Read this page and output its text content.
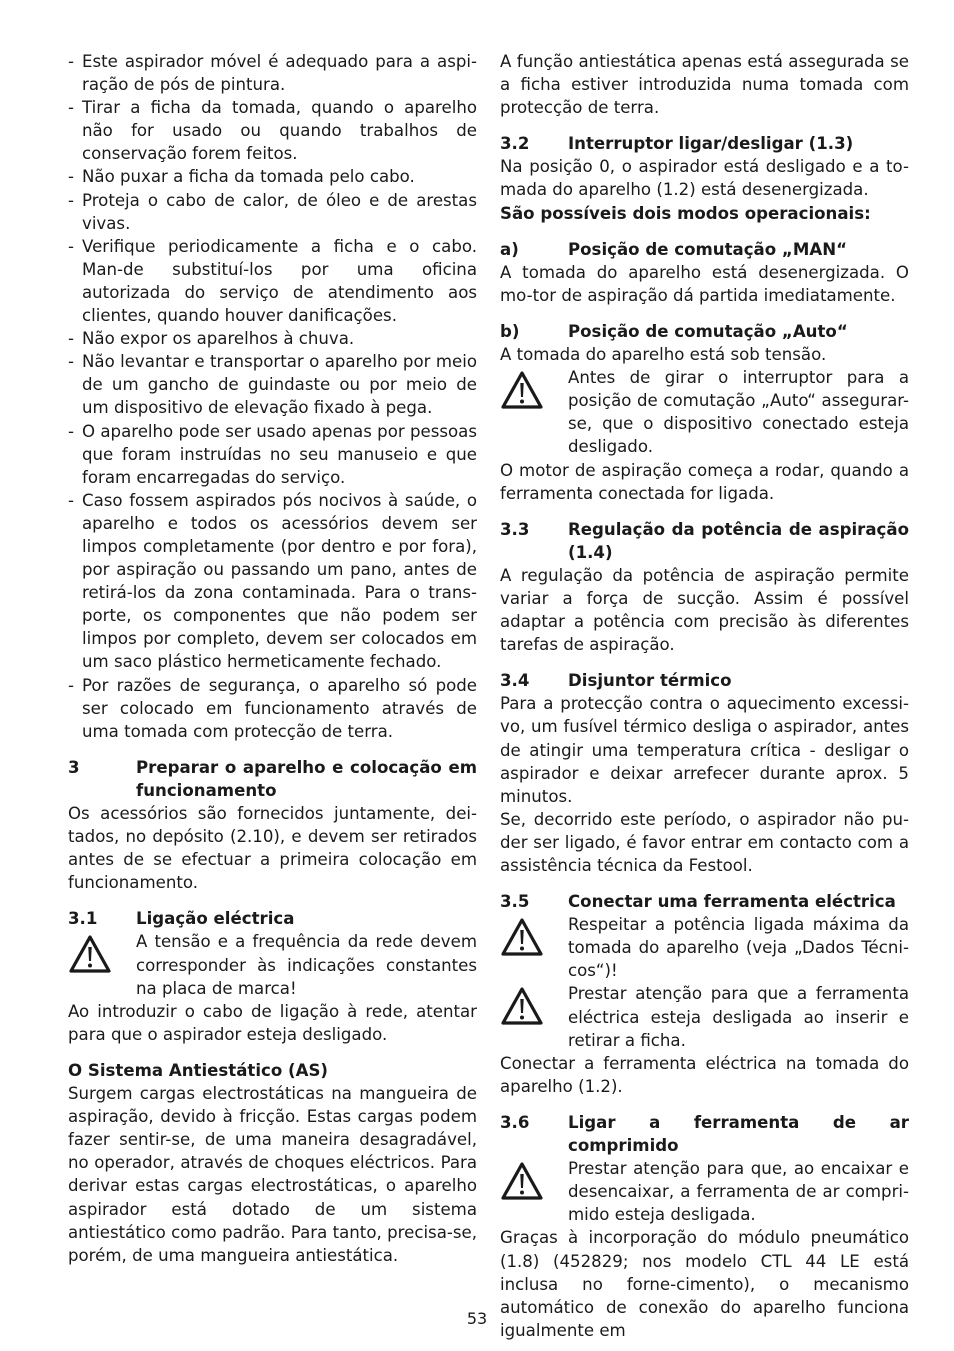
- Este aspirador móvel é adequado para a aspi-ração de pós de pintura.
- Tirar a ficha da tomada, quando o aparelho não for usado ou quando trabalhos de conservação forem feitos.
- Não puxar a ficha da tomada pelo cabo.
- Proteja o cabo de calor, de óleo e de arestas vivas.
- Verifique periodicamente a ficha e o cabo. Man-de substituí-los por uma oficina autorizada do serviço de atendimento aos clientes, quando houver danificações.
- Não expor os aparelhos à chuva.
- Não levantar e transportar o aparelho por meio de um gancho de guindaste ou por meio de um dispositivo de elevação fixado à pega.
- O aparelho pode ser usado apenas por pessoas que foram instruídas no seu manuseio e que foram encarregadas do serviço.
- Caso fossem aspirados pós nocivos à saúde, o aparelho e todos os acessórios devem ser limpos completamente (por dentro e por fora), por aspiração ou passando um pano, antes de retirá-los da zona contaminada. Para o trans-porte, os componentes que não podem ser limpos por completo, devem ser colocados em um saco plástico hermeticamente fechado.
- Por razões de segurança, o aparelho só pode ser colocado em funcionamento através de uma tomada com protecção de terra.
3	Preparar o aparelho e colocação em funcionamento

Os acessórios são fornecidos juntamente, dei-tados, no depósito (2.10), e devem ser retirados antes de se efectuar a primeira colocação em funcionamento.

3.1	Ligação eléctrica
A tensão e a frequência da rede devem corresponder às indicações constantes na placa de marca!

Ao introduzir o cabo de ligação à rede, atentar para que o aspirador esteja desligado.

O Sistema Antiestático (AS)

Surgem cargas electrostáticas na mangueira de aspiração, devido à fricção. Estas cargas podem fazer sentir-se, de uma maneira desagradável, no operador, através de choques eléctricos. Para derivar estas cargas electrostáticas, o aparelho aspirador está dotado de um sistema antiestático como padrão. Para tanto, precisa-se, porém, de uma mangueira antiestática.

A função antiestática apenas está assegurada se a ficha estiver introduzida numa tomada com protecção de terra.

3.2	Interruptor ligar/desligar (1.3)

Na posição 0, o aspirador está desligado e a to-mada do aparelho (1.2) está desenergizada.

São possíveis dois modos operacionais:
a)	Posição de comutação „MAN“

A tomada do aparelho está desenergizada. O mo-tor de aspiração dá partida imediatamente.

b)	Posição de comutação „Auto“

A tomada do aparelho está sob tensão.

Antes de girar o interruptor para a posição de comutação „Auto“ assegurar-se, que o dispositivo conectado esteja desligado.

O motor de aspiração começa a rodar, quando a ferramenta conectada for ligada.

3.3	Regulação da potência de aspiração (1.4)

A regulação da potência de aspiração permite variar a força de sucção. Assim é possível adaptar a potência com precisão às diferentes tarefas de aspiração.

3.4	Disjuntor térmico

Para a protecção contra o aquecimento excessi-vo, um fusível térmico desliga o aspirador, antes de atingir uma temperatura crítica - desligar o aspirador e deixar arrefecer durante aprox. 5 minutos.

Se, decorrido este período, o aspirador não pu-der ser ligado, é favor entrar em contacto com a assistência técnica da Festool.

3.5	Conectar uma ferramenta eléctrica
Respeitar a potência ligada máxima da tomada do aparelho (veja „Dados Técni-cos“)!
Prestar atenção para que a ferramenta eléctrica esteja desligada ao inserir e retirar a ficha.

Conectar a ferramenta eléctrica na tomada do aparelho (1.2).

3.6	Ligar a ferramenta de ar comprimido
Prestar atenção para que, ao encaixar e desencaixar, a ferramenta de ar compri-mido esteja desligada.

Graças à incorporação do módulo pneumático (1.8) (452829; nos modelo CTL 44 LE está inclusa no forne-cimento), o mecanismo automático de conexão do aparelho funciona igualmente em

53
